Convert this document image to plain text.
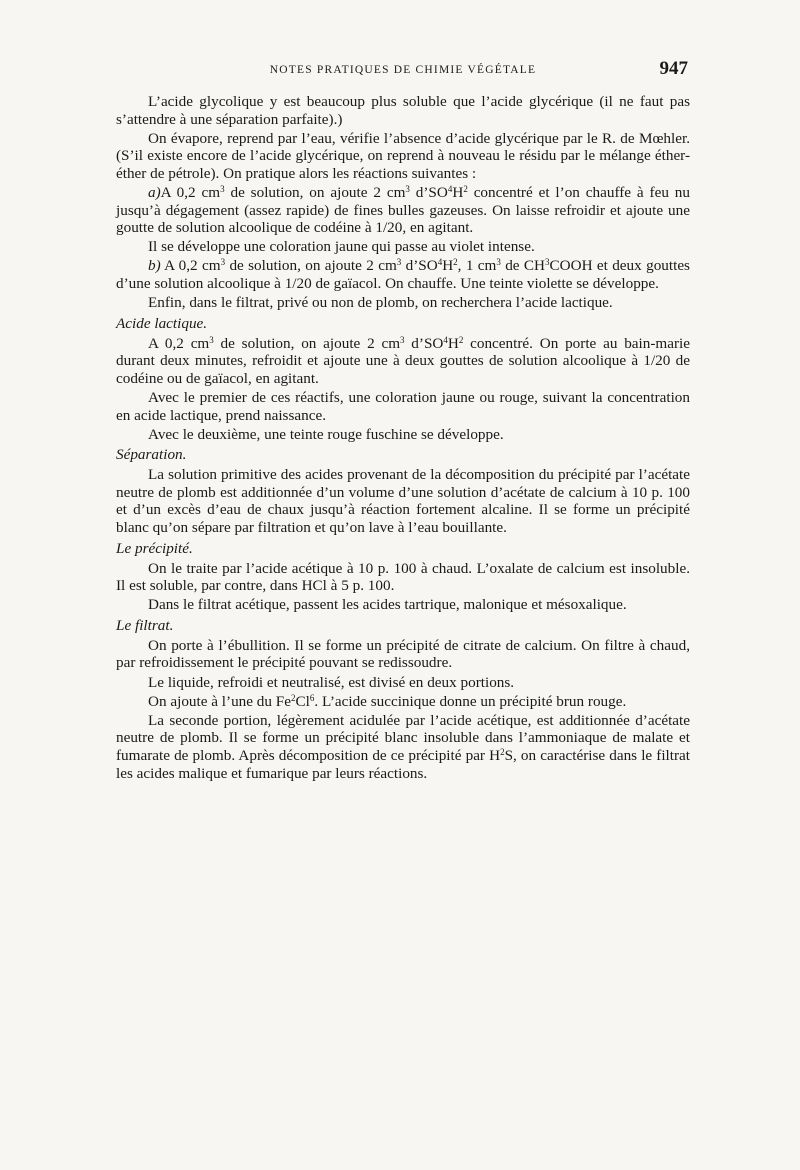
NOTES PRATIQUES DE CHIMIE VÉGÉTALE	947

L’acide glycolique y est beaucoup plus soluble que l’acide glycérique (il ne faut pas s’attendre à une séparation parfaite).)

On évapore, reprend par l’eau, vérifie l’absence d’acide glycérique par le R. de Mœhler. (S’il existe encore de l’acide glycérique, on reprend à nouveau le résidu par le mélange éther-éther de pétrole). On pratique alors les réactions suivantes :

a)A 0,2 $cm^3$ de solution, on ajoute 2 $cm^3$ $d’SO^4H^2$ concentré et l’on chauffe à feu nu jusqu’à dégagement (assez rapide) de fines bulles gazeuses. On laisse refroidir et ajoute une goutte de solution alcoolique de codéine à 1/20, en agitant.

Il se développe une coloration jaune qui passe au violet intense.

b) A 0,2 $cm^3$ de solution, on ajoute 2 $cm^3$ $d’SO^4H^2$, 1 $cm^3$ de $CH^3COOH$ et deux gouttes d’une solution alcoolique à 1/20 de gaïacol. On chauffe. Une teinte violette se développe.

Enfin, dans le filtrat, privé ou non de plomb, on recherchera l’acide lactique.

Acide lactique.

A 0,2 $cm^3$ de solution, on ajoute 2 $cm^3$ $d’SO^4H^2$ concentré. On porte au bain-marie durant deux minutes, refroidit et ajoute une à deux gouttes de solution alcoolique à 1/20 de codéine ou de gaïacol, en agitant.

Avec le premier de ces réactifs, une coloration jaune ou rouge, suivant la concentration en acide lactique, prend naissance.

Avec le deuxième, une teinte rouge fuschine se développe.

Séparation.

La solution primitive des acides provenant de la décomposition du précipité par l’acétate neutre de plomb est additionnée d’un volume d’une solution d’acétate de calcium à 10 p. 100 et d’un excès d’eau de chaux jusqu’à réaction fortement alcaline. Il se forme un précipité blanc qu’on sépare par filtration et qu’on lave à l’eau bouillante.

Le précipité.

On le traite par l’acide acétique à 10 p. 100 à chaud. L’oxalate de calcium est insoluble. Il est soluble, par contre, dans HCl à 5 p. 100.

Dans le filtrat acétique, passent les acides tartrique, malonique et mésoxalique.

Le filtrat.

On porte à l’ébullition. Il se forme un précipité de citrate de calcium. On filtre à chaud, par refroidissement le précipité pouvant se redissoudre.

Le liquide, refroidi et neutralisé, est divisé en deux portions.

On ajoute à l’une du Fe$^2$Cl$^6$. L’acide succinique donne un précipité brun rouge.

La seconde portion, légèrement acidulée par l’acide acétique, est additionnée d’acétate neutre de plomb. Il se forme un précipité blanc insoluble dans l’ammoniaque de malate et fumarate de plomb. Après décomposition de ce précipité par $H^2S$, on caractérise dans le filtrat les acides malique et fumarique par leurs réactions.
